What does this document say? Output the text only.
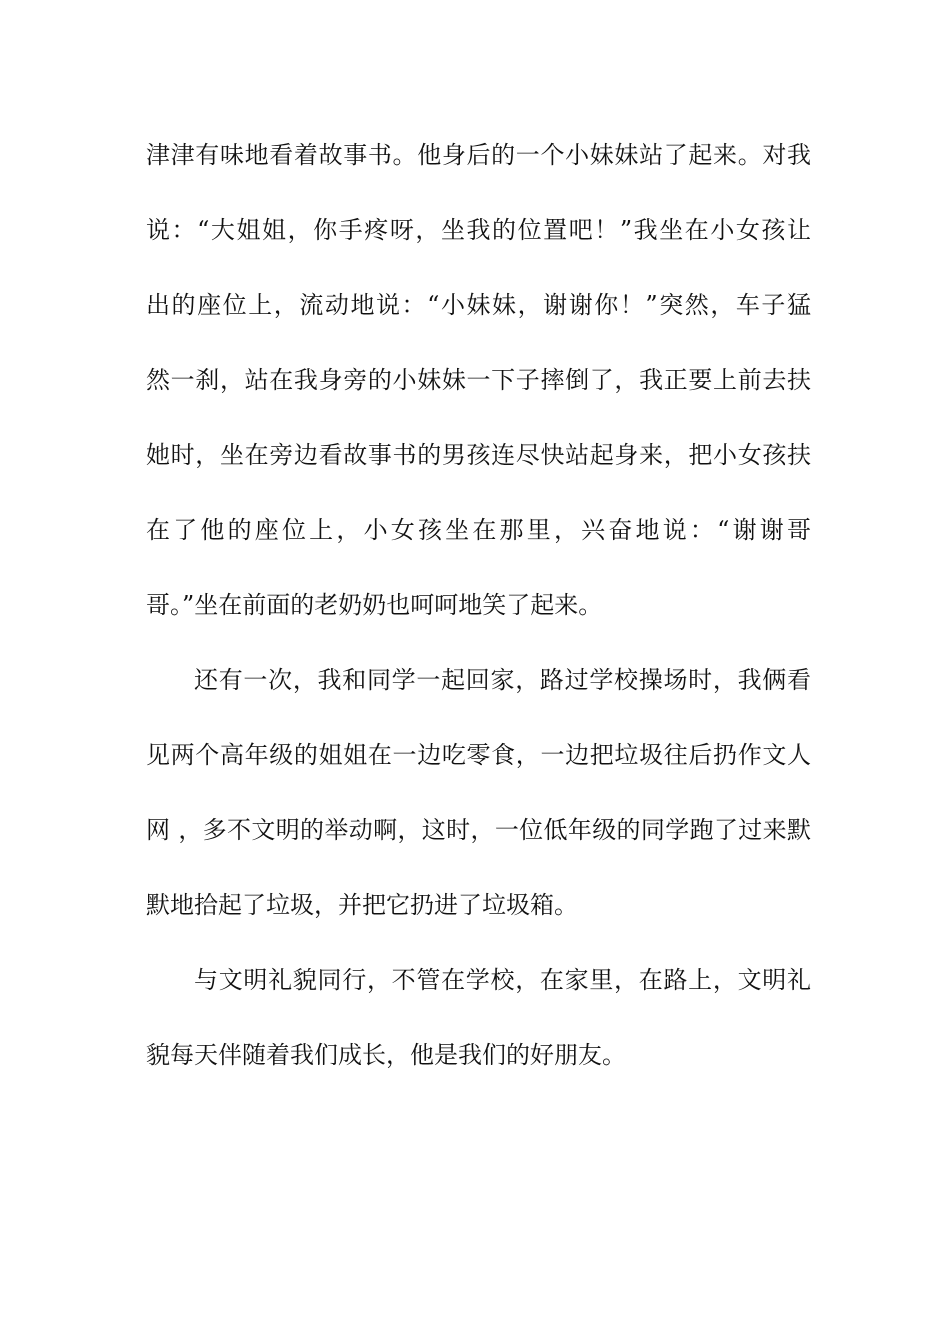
津津有味地看着故事书。他身后的一个小妹妹站了起来。对我
说：“大姐姐，你手疼呀，坐我的位置吧！”我坐在小女孩让
出的座位上，流动地说：“小妹妹，谢谢你！”突然，车子猛
然一刹，站在我身旁的小妹妹一下子摔倒了，我正要上前去扶
她时，坐在旁边看故事书的男孩连尽快站起身来，把小女孩扶
在了他的座位上，小女孩坐在那里，兴奋地说：“谢谢哥
哥。”坐在前面的老奶奶也呵呵地笑了起来。
还有一次，我和同学一起回家，路过学校操场时，我俩看
见两个高年级的姐姐在一边吃零食，一边把垃圾往后扔作文人
网 ，多不文明的举动啊，这时，一位低年级的同学跑了过来默
默地拾起了垃圾，并把它扔进了垃圾箱。
与文明礼貌同行，不管在学校，在家里，在路上，文明礼
貌每天伴随着我们成长，他是我们的好朋友。
